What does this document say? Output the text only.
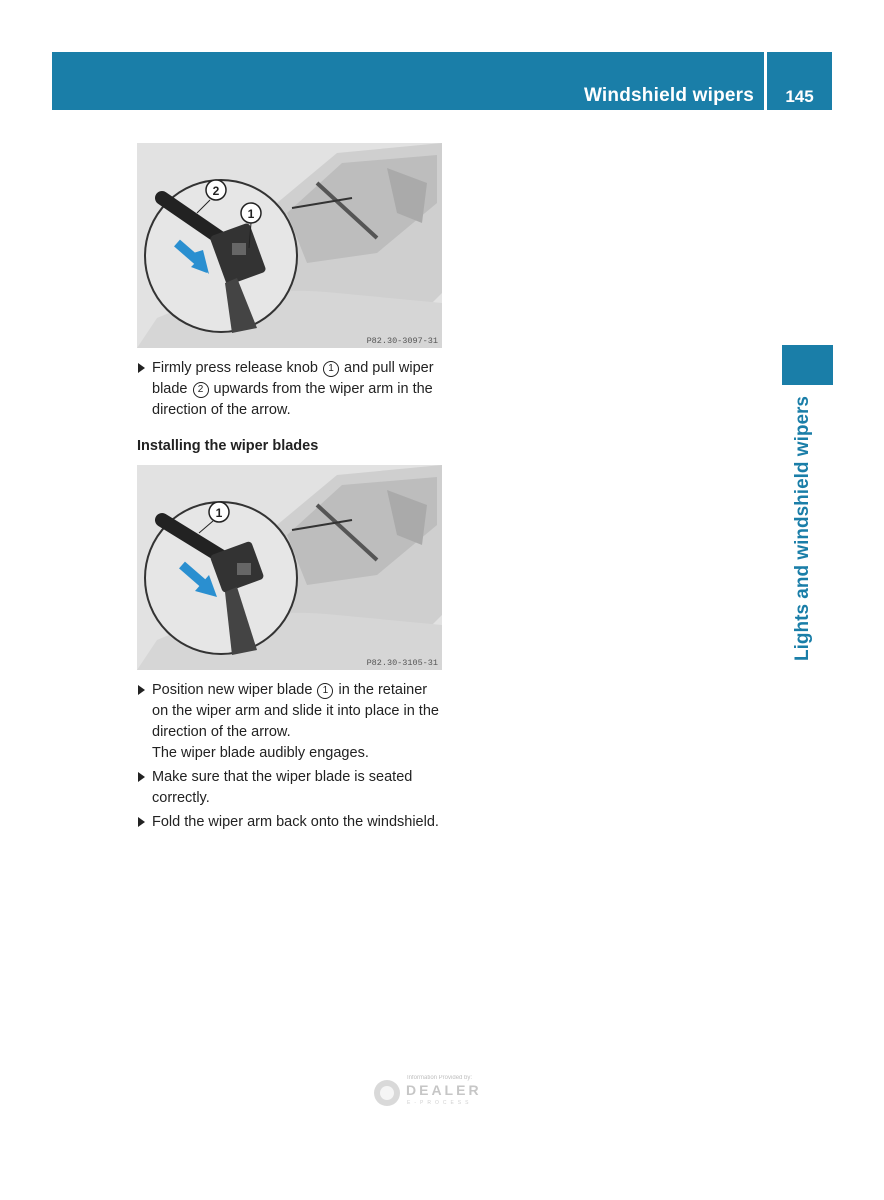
Windshield wipers	145
Lights and windshield wipers
2
1
P82.30-3097-31
Firmly press release knob 1 and pull wiper blade 2 upwards from the wiper arm in the direction of the arrow.
Installing the wiper blades
1
P82.30-3105-31
Position new wiper blade 1 in the retainer on the wiper arm and slide it into place in the direction of the arrow.
The wiper blade audibly engages.
Make sure that the wiper blade is seated correctly.
Fold the wiper arm back onto the windshield.
Information Provided by:
DEALER
E-PROCESS
